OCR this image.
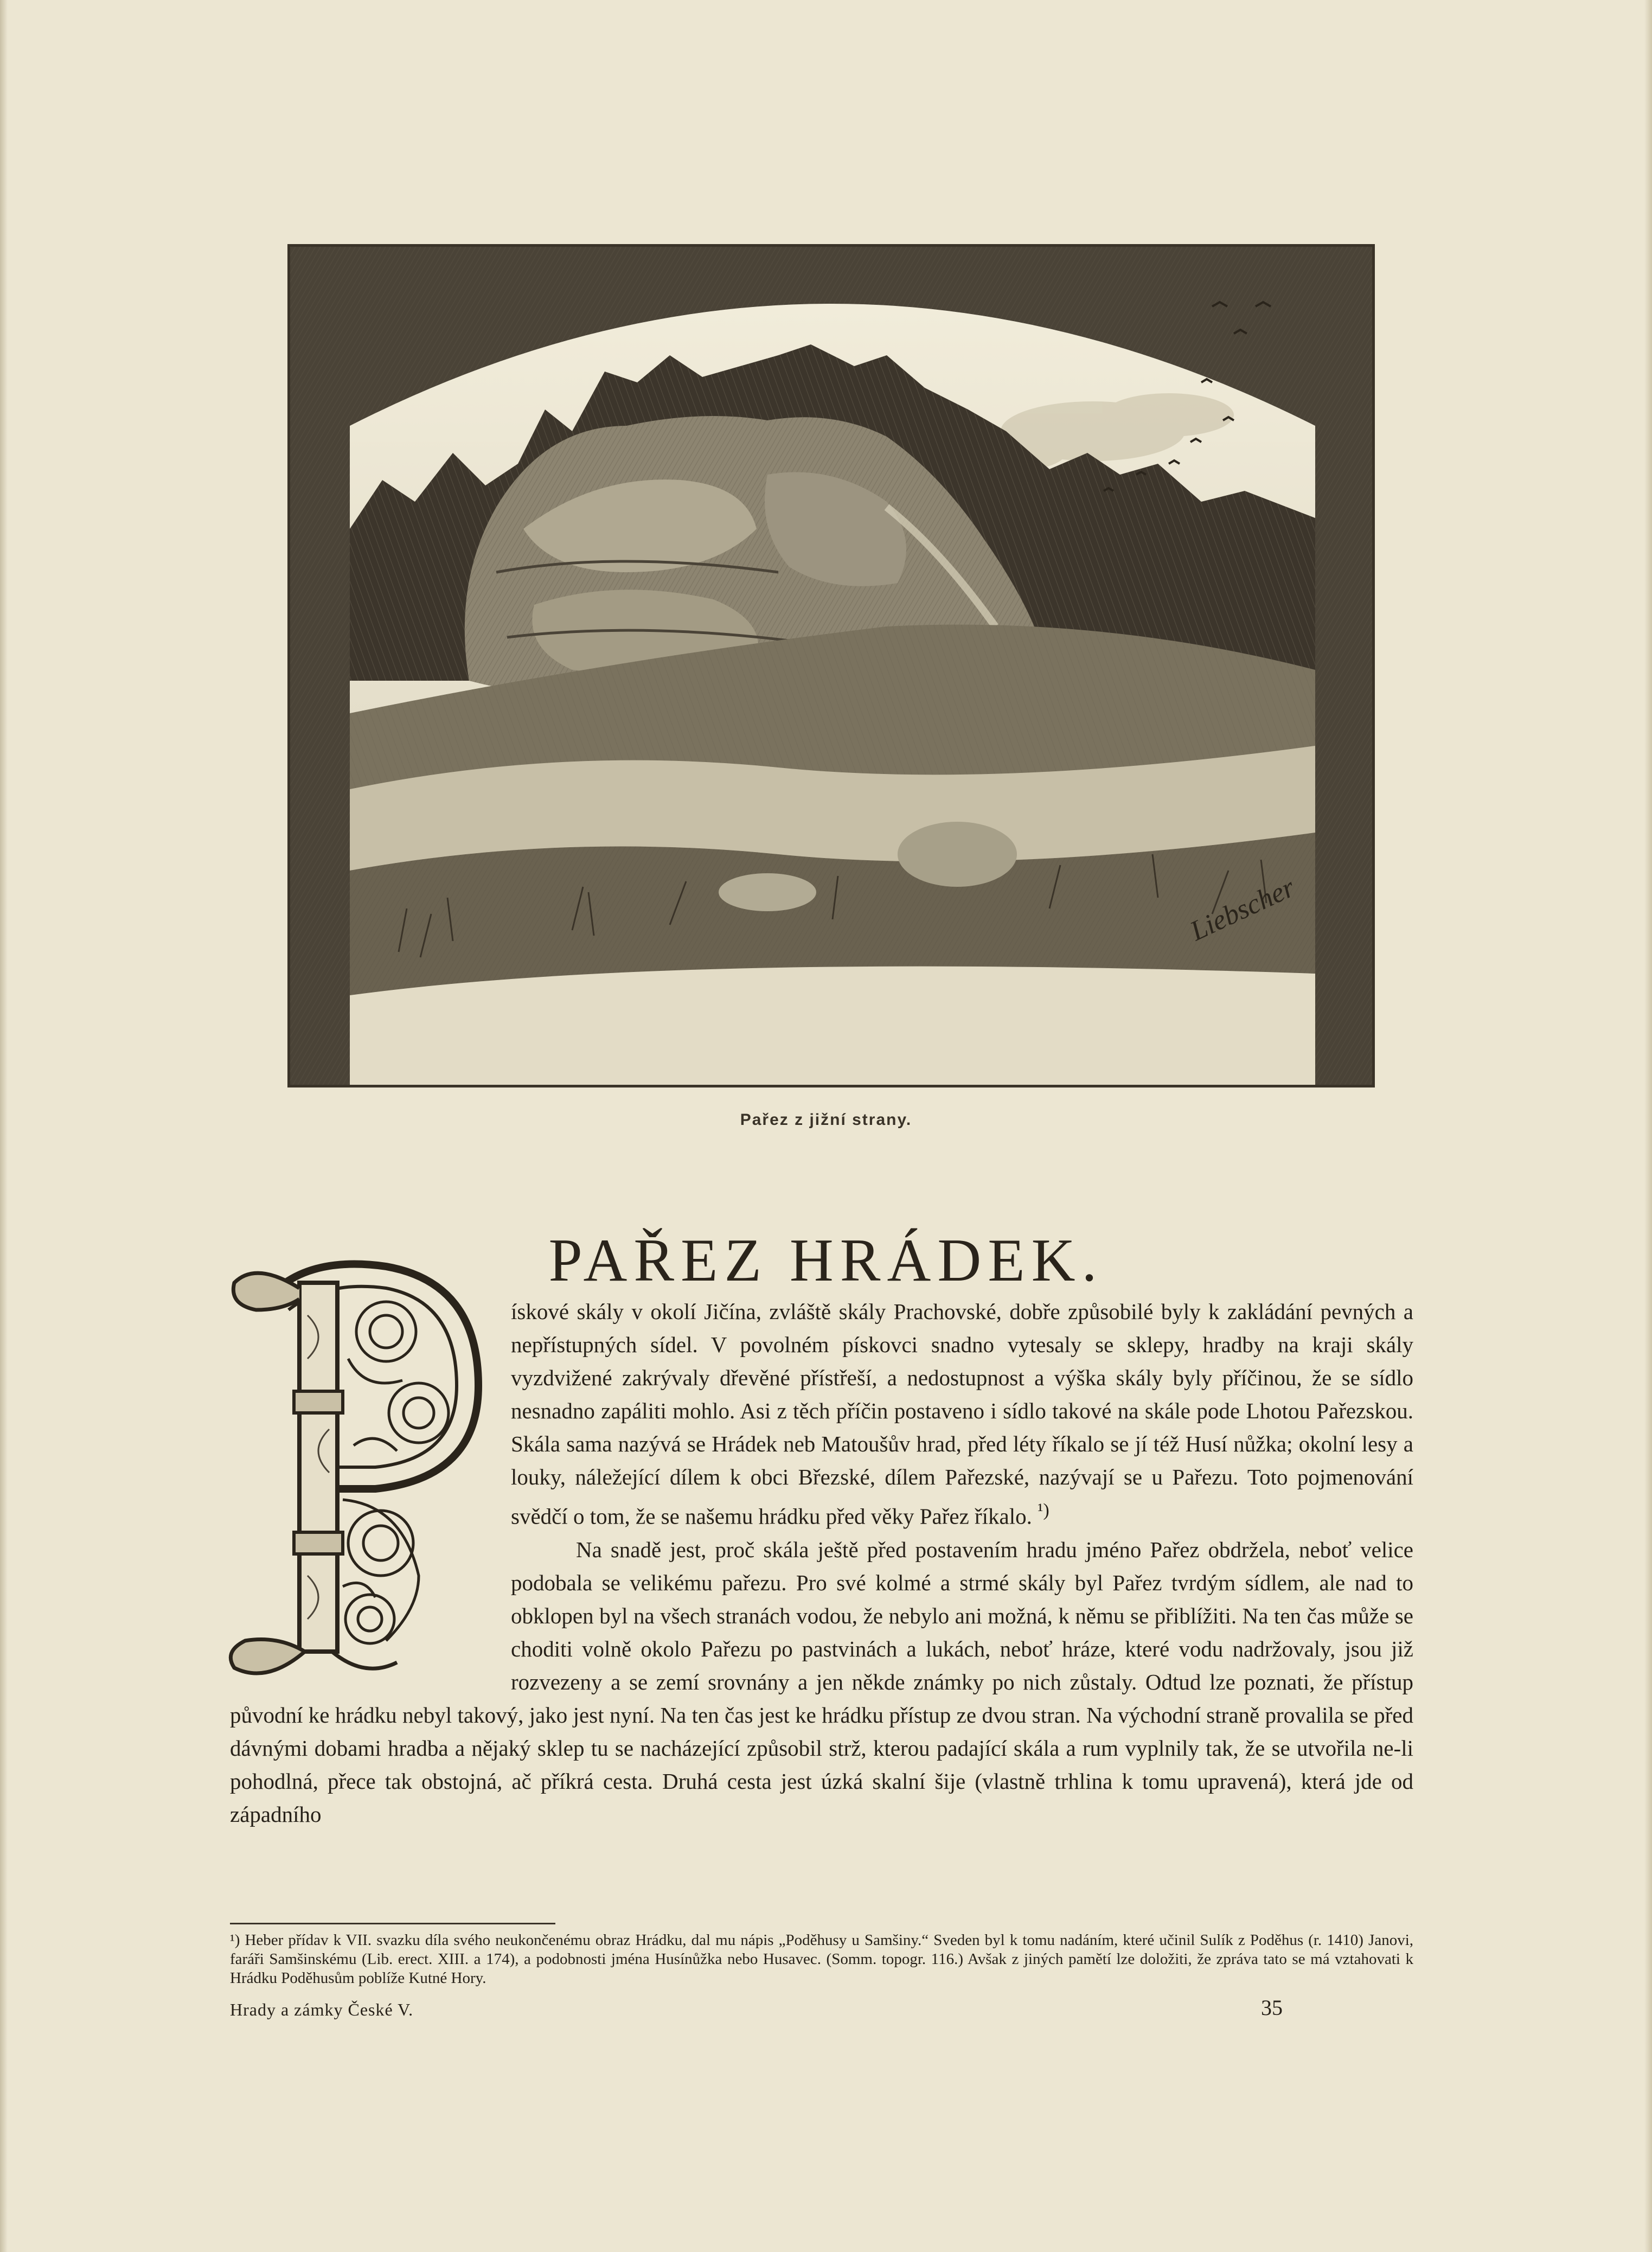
Liebscher
Pařez z jižní strany.
PAŘEZ HRÁDEK.

ískové skály v okolí Jičína, zvláště skály Prachovské, dobře způsobilé byly k zakládání pevných a nepřístupných sídel. V povolném pískovci snadno vytesaly se sklepy, hradby na kraji skály vyzdvižené zakrývaly dřevěné přístřeší, a nedostupnost a výška skály byly příčinou, že se sídlo nesnadno zapáliti mohlo. Asi z těch příčin postaveno i sídlo takové na skále pode Lhotou Pařezskou. Skála sama nazývá se Hrádek neb Matoušův hrad, před léty říkalo se jí též Husí nůžka; okolní lesy a louky, náležející dílem k obci Březské, dílem Pařezské, nazývají se u Pařezu. Toto pojmenování svědčí o tom, že se našemu hrádku před věky Pařez říkalo. $^{^1)}$

Na snadě jest, proč skála ještě před postavením hradu jméno Pařez obdržela, neboť velice podobala se velikému pařezu. Pro své kolmé a strmé skály byl Pařez tvrdým sídlem, ale nad to obklopen byl na všech stranách vodou, že nebylo ani možná, k němu se přiblížiti. Na ten čas může se choditi volně okolo Pařezu po pastvinách a lukách, neboť hráze, které vodu nadržovaly, jsou již rozvezeny a se zemí srovnány a jen někde známky po nich zůstaly. Odtud lze poznati, že přístup původní ke hrádku nebyl takový, jako jest nyní. Na ten čas jest ke hrádku přístup ze dvou stran. Na východní straně provalila se před dávnými dobami hradba a nějaký sklep tu se nacházející způsobil strž, kterou padající skála a rum vyplnily tak, že se utvořila ne-li pohodlná, přece tak obstojná, ač příkrá cesta. Druhá cesta jest úzká skalní šije (vlastně trhlina k tomu upravená), která jde od západního

¹) Heber přídav k VII. svazku díla svého neukončenému obraz Hrádku, dal mu nápis „Poděhusy u Samšiny.“ Sveden byl k tomu nadáním, které učinil Sulík z Poděhus (r. 1410) Janovi, faráři Samšinskému (Lib. erect. XIII. a 174), a podobnosti jména Husínůžka nebo Husavec. (Somm. topogr. 116.) Avšak z jiných pamětí lze doložiti, že zpráva tato se má vztahovati k Hrádku Poděhusům poblíže Kutné Hory.
Hrady a zámky České V.	35
